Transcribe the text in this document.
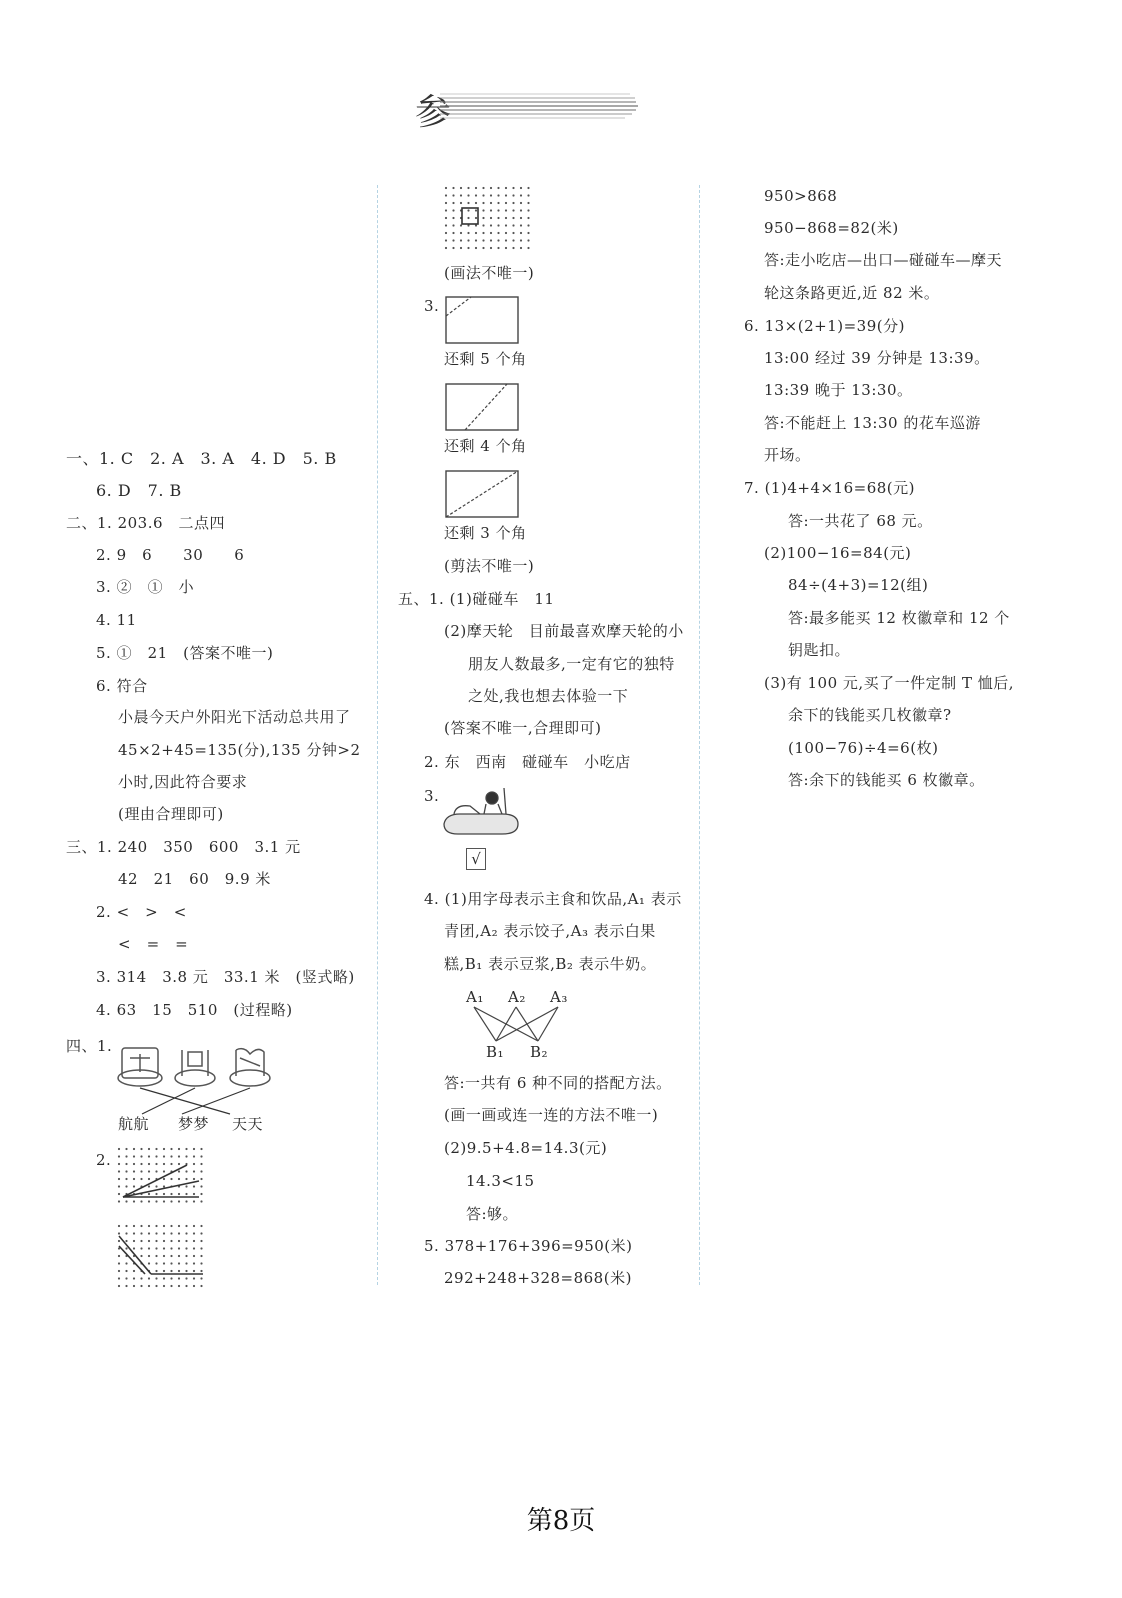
参
一、1. C　2. A　3. A　4. D　5. B
6. D　7. B
二、1. 203.6　二点四
2. 9　6　　30　　6
3. ②　①　小
4. 11
5. ①　21　(答案不唯一)
6. 符合
小晨今天户外阳光下活动总共用了
45×2+45=135(分),135 分钟>2
小时,因此符合要求
(理由合理即可)
三、1. 240　350　600　3.1 元
42　21　60　9.9 米
2. <　>　<
<　=　=
3. 314　3.8 元　33.1 米　(竖式略)
4. 63　15　510　(过程略)
四、1.
航航 梦梦 天天
2.
(画法不唯一)
3.
还剩 5 个角
还剩 4 个角
还剩 3 个角
(剪法不唯一)
五、1. (1)碰碰车　11
(2)摩天轮　目前最喜欢摩天轮的小
朋友人数最多,一定有它的独特
之处,我也想去体验一下
(答案不唯一,合理即可)
2. 东　西南　碰碰车　小吃店
3.
√
4. (1)用字母表示主食和饮品,A₁ 表示
青团,A₂ 表示饺子,A₃ 表示白果
糕,B₁ 表示豆浆,B₂ 表示牛奶。
A₁ A₂ A₃
B₁ B₂
答:一共有 6 种不同的搭配方法。
(画一画或连一连的方法不唯一)
(2)9.5+4.8=14.3(元)
14.3<15
答:够。
5. 378+176+396=950(米)
292+248+328=868(米)
950>868
950−868=82(米)
答:走小吃店—出口—碰碰车—摩天
轮这条路更近,近 82 米。
6. 13×(2+1)=39(分)
13:00 经过 39 分钟是 13:39。
13:39 晚于 13:30。
答:不能赶上 13:30 的花车巡游
开场。
7. (1)4+4×16=68(元)
答:一共花了 68 元。
(2)100−16=84(元)
84÷(4+3)=12(组)
答:最多能买 12 枚徽章和 12 个
钥匙扣。
(3)有 100 元,买了一件定制 T 恤后,
余下的钱能买几枚徽章?
(100−76)÷4=6(枚)
答:余下的钱能买 6 枚徽章。
第8页
